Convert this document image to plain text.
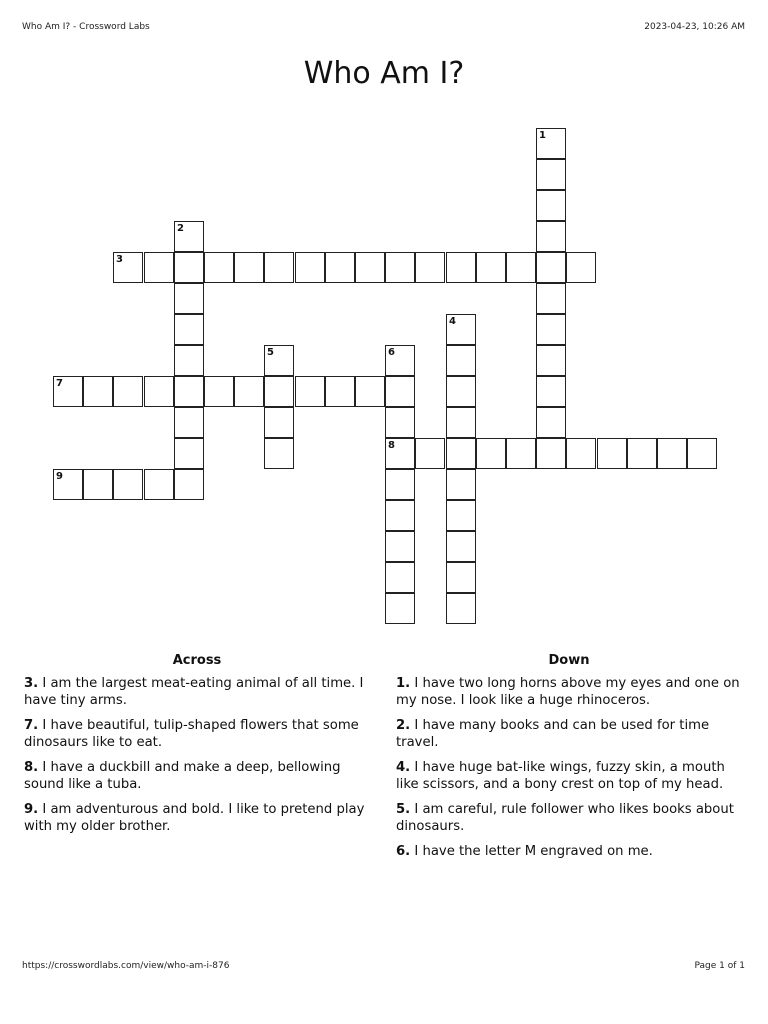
Who Am I? - Crossword Labs	2023-04-23, 10:26 AM
Who Am I?
1
2
3
4
5	6
8
7
9
Across

3. I am the largest meat-eating animal of all time. I have tiny arms.

7. I have beautiful, tulip-shaped flowers that some dinosaurs like to eat.

8. I have a duckbill and make a deep, bellowing sound like a tuba.

9. I am adventurous and bold. I like to pretend play with my older brother.

Down

1. I have two long horns above my eyes and one on my nose. I look like a huge rhinoceros.

2. I have many books and can be used for time travel.

4. I have huge bat-like wings, fuzzy skin, a mouth like scissors, and a bony crest on top of my head.

5. I am careful, rule follower who likes books about dinosaurs.

6. I have the letter M engraved on me.

https://crosswordlabs.com/view/who-am-i-876	Page 1 of 1
